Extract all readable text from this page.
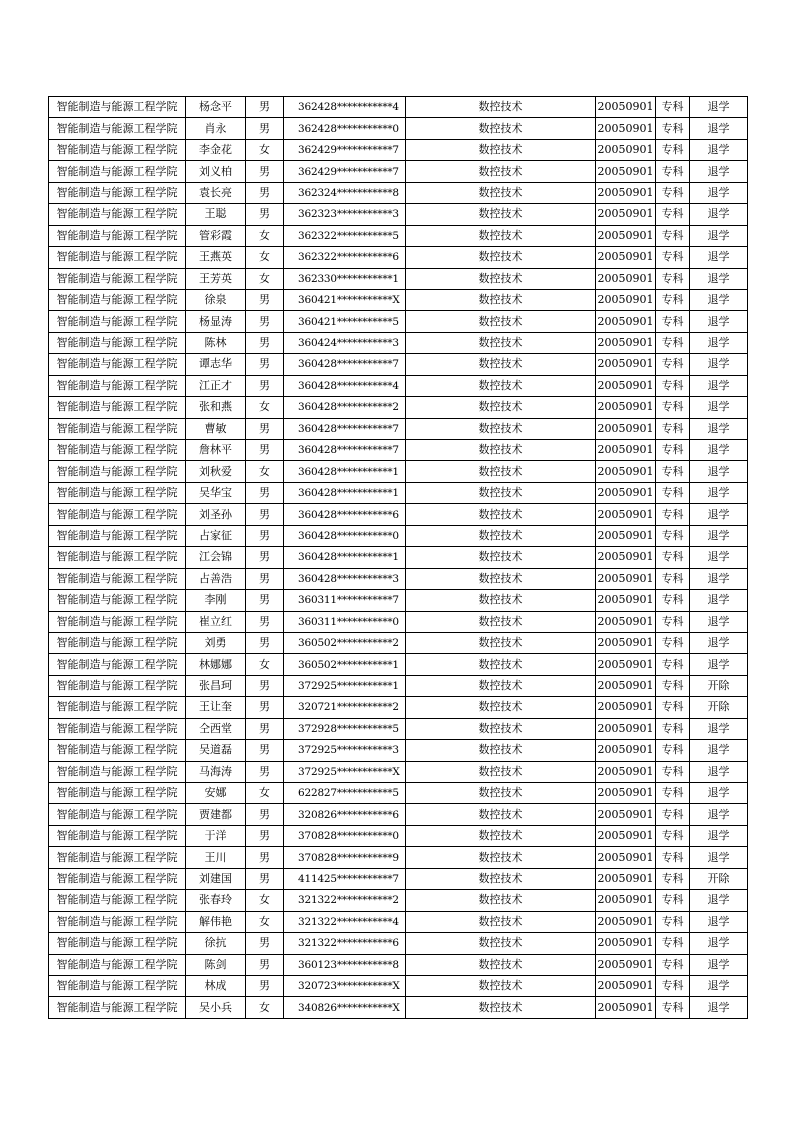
智能制造与能源工程学院	杨念平	男	362428***********4	数控技术	20050901	专科	退学
智能制造与能源工程学院	肖永	男	362428***********0	数控技术	20050901	专科	退学
智能制造与能源工程学院	李金花	女	362429***********7	数控技术	20050901	专科	退学
智能制造与能源工程学院	刘义柏	男	362429***********7	数控技术	20050901	专科	退学
智能制造与能源工程学院	袁长亮	男	362324***********8	数控技术	20050901	专科	退学
智能制造与能源工程学院	王聪	男	362323***********3	数控技术	20050901	专科	退学
智能制造与能源工程学院	管彩霞	女	362322***********5	数控技术	20050901	专科	退学
智能制造与能源工程学院	王燕英	女	362322***********6	数控技术	20050901	专科	退学
智能制造与能源工程学院	王芳英	女	362330***********1	数控技术	20050901	专科	退学
智能制造与能源工程学院	徐泉	男	360421***********X	数控技术	20050901	专科	退学
智能制造与能源工程学院	杨显涛	男	360421***********5	数控技术	20050901	专科	退学
智能制造与能源工程学院	陈林	男	360424***********3	数控技术	20050901	专科	退学
智能制造与能源工程学院	谭志华	男	360428***********7	数控技术	20050901	专科	退学
智能制造与能源工程学院	江正才	男	360428***********4	数控技术	20050901	专科	退学
智能制造与能源工程学院	张和燕	女	360428***********2	数控技术	20050901	专科	退学
智能制造与能源工程学院	曹敏	男	360428***********7	数控技术	20050901	专科	退学
智能制造与能源工程学院	詹林平	男	360428***********7	数控技术	20050901	专科	退学
智能制造与能源工程学院	刘秋爱	女	360428***********1	数控技术	20050901	专科	退学
智能制造与能源工程学院	吴华宝	男	360428***********1	数控技术	20050901	专科	退学
智能制造与能源工程学院	刘圣孙	男	360428***********6	数控技术	20050901	专科	退学
智能制造与能源工程学院	占家征	男	360428***********0	数控技术	20050901	专科	退学
智能制造与能源工程学院	江会锦	男	360428***********1	数控技术	20050901	专科	退学
智能制造与能源工程学院	占善浩	男	360428***********3	数控技术	20050901	专科	退学
智能制造与能源工程学院	李刚	男	360311***********7	数控技术	20050901	专科	退学
智能制造与能源工程学院	崔立红	男	360311***********0	数控技术	20050901	专科	退学
智能制造与能源工程学院	刘勇	男	360502***********2	数控技术	20050901	专科	退学
智能制造与能源工程学院	林娜娜	女	360502***********1	数控技术	20050901	专科	退学
智能制造与能源工程学院	张昌珂	男	372925***********1	数控技术	20050901	专科	开除
智能制造与能源工程学院	王让奎	男	320721***********2	数控技术	20050901	专科	开除
智能制造与能源工程学院	仝西堂	男	372928***********5	数控技术	20050901	专科	退学
智能制造与能源工程学院	吴道磊	男	372925***********3	数控技术	20050901	专科	退学
智能制造与能源工程学院	马海涛	男	372925***********X	数控技术	20050901	专科	退学
智能制造与能源工程学院	安娜	女	622827***********5	数控技术	20050901	专科	退学
智能制造与能源工程学院	贾建都	男	320826***********6	数控技术	20050901	专科	退学
智能制造与能源工程学院	于洋	男	370828***********0	数控技术	20050901	专科	退学
智能制造与能源工程学院	王川	男	370828***********9	数控技术	20050901	专科	退学
智能制造与能源工程学院	刘建国	男	411425***********7	数控技术	20050901	专科	开除
智能制造与能源工程学院	张春玲	女	321322***********2	数控技术	20050901	专科	退学
智能制造与能源工程学院	解伟艳	女	321322***********4	数控技术	20050901	专科	退学
智能制造与能源工程学院	徐抗	男	321322***********6	数控技术	20050901	专科	退学
智能制造与能源工程学院	陈剑	男	360123***********8	数控技术	20050901	专科	退学
智能制造与能源工程学院	林成	男	320723***********X	数控技术	20050901	专科	退学
智能制造与能源工程学院	吴小兵	女	340826***********X	数控技术	20050901	专科	退学
